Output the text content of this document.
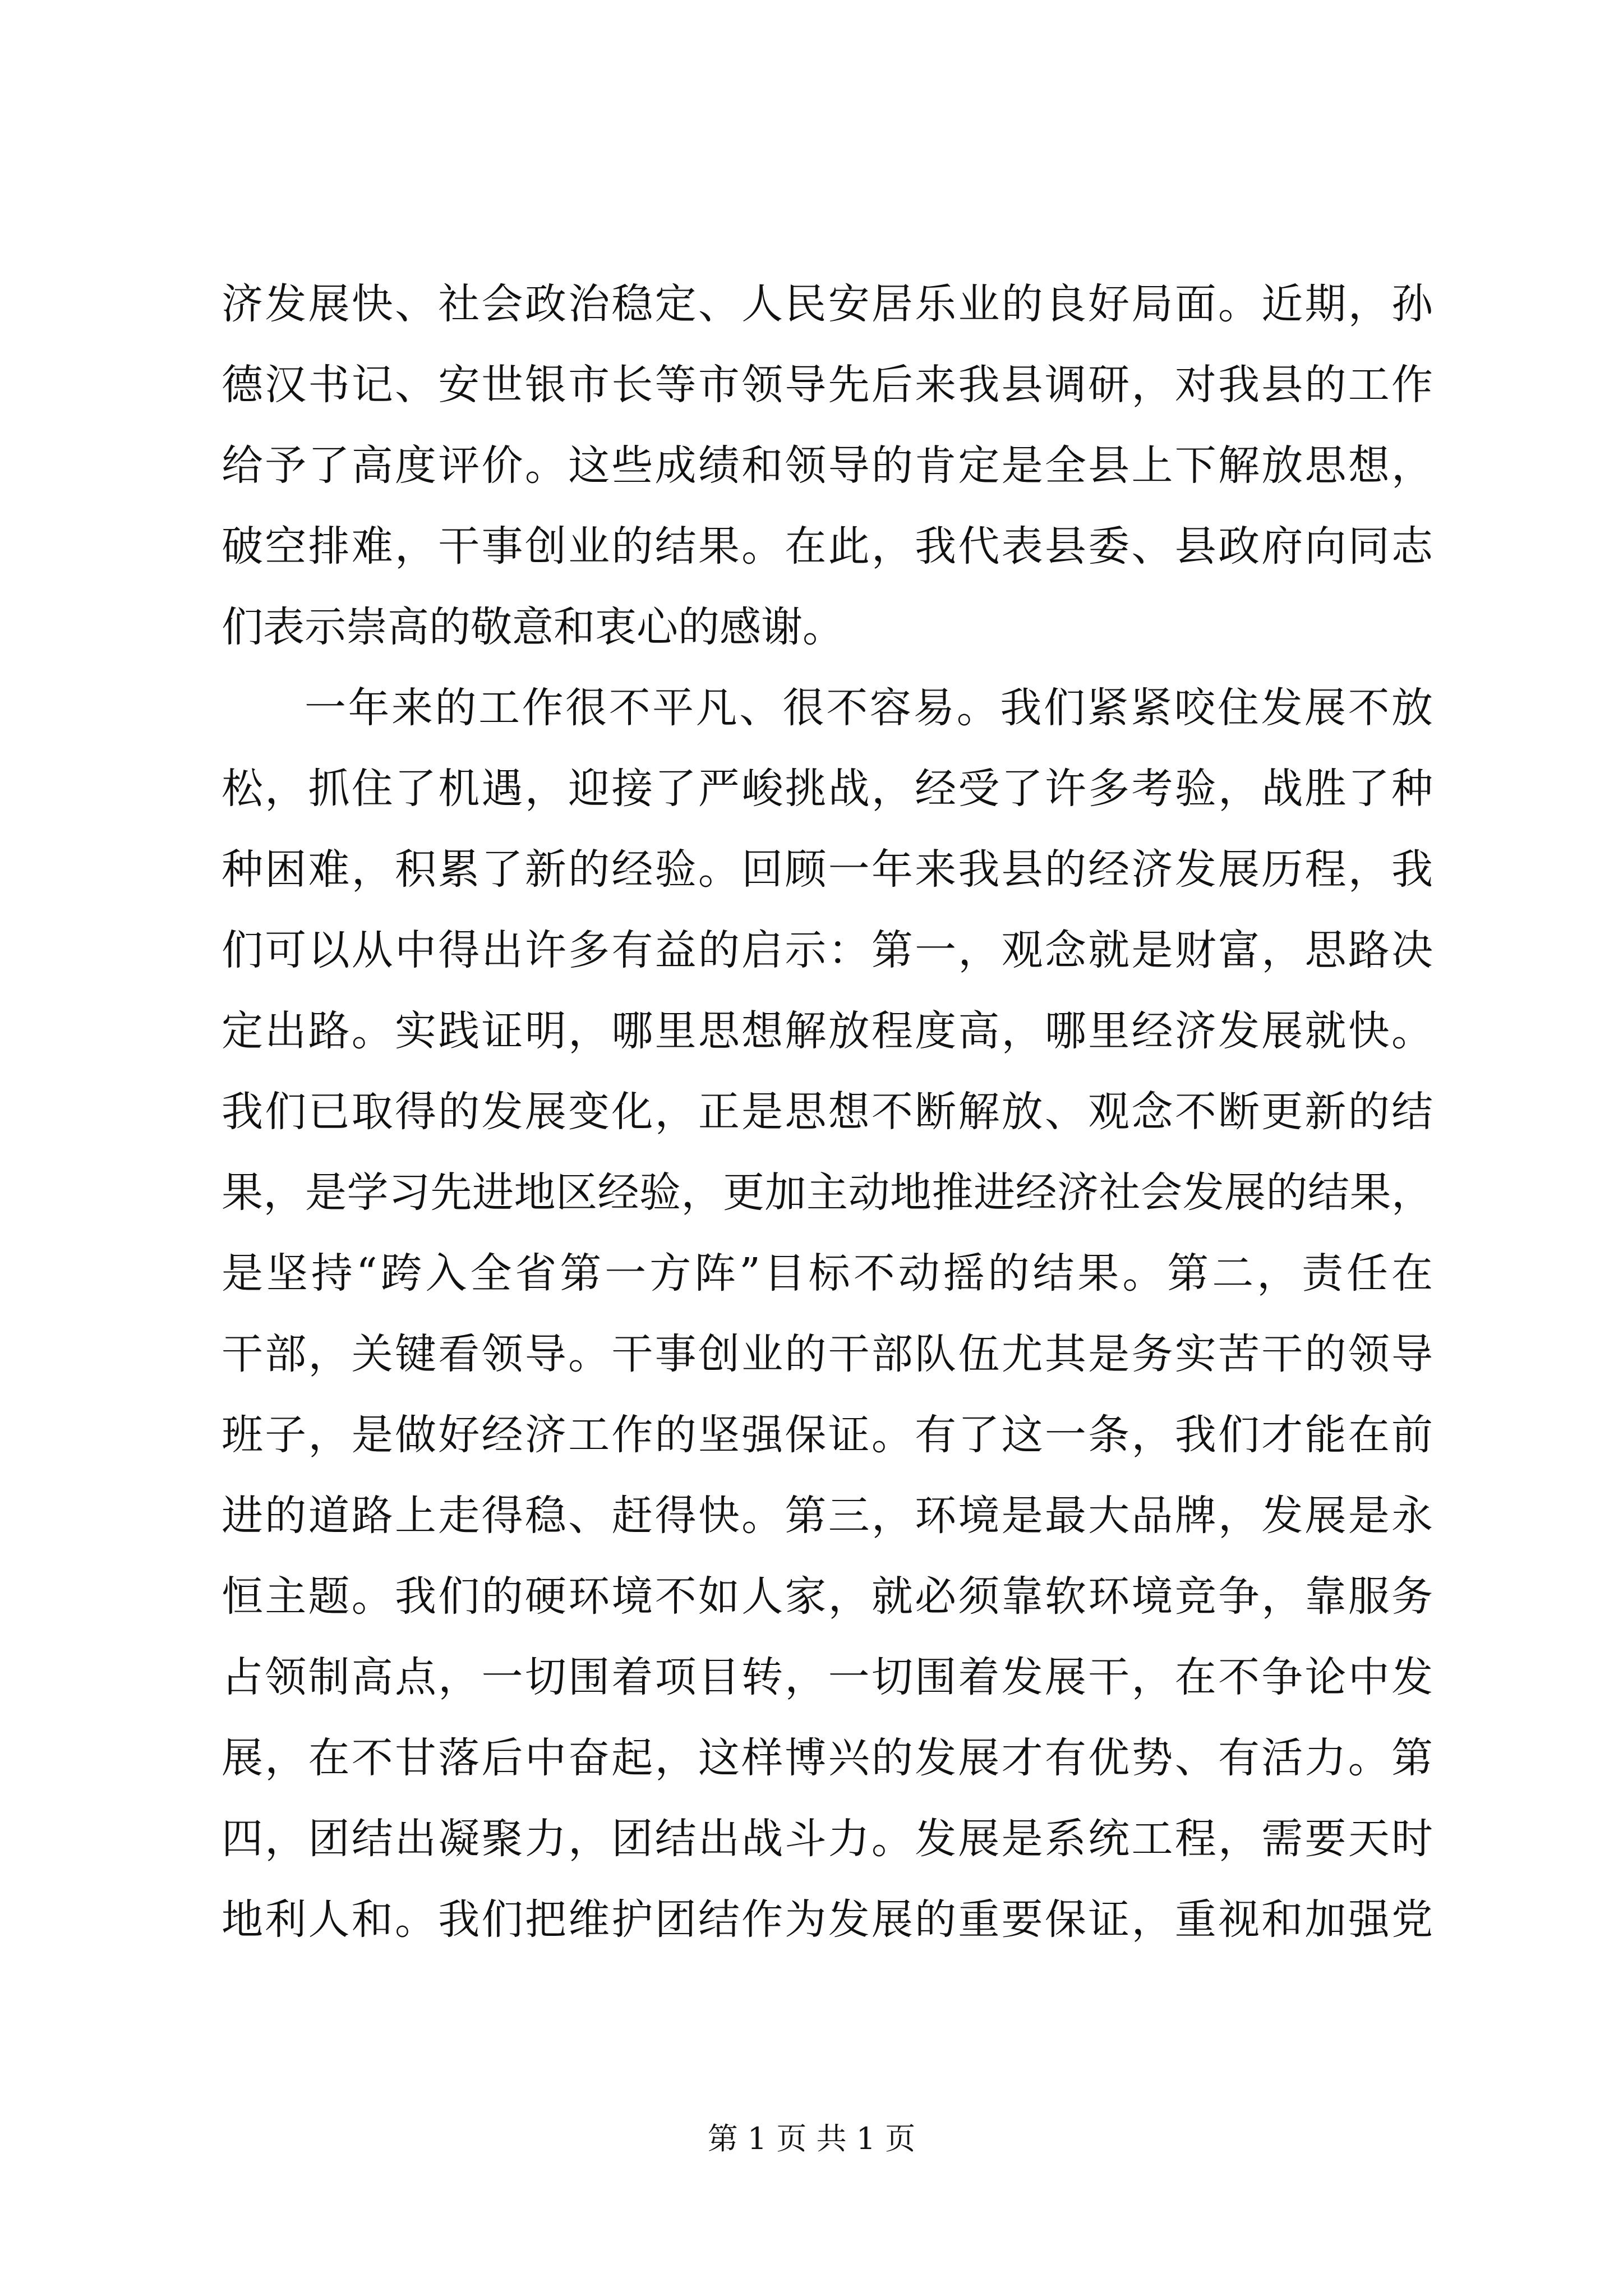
济发展快、社会政治稳定、人民安居乐业的良好局面。近期，孙
德汉书记、安世银市长等市领导先后来我县调研，对我县的工作
给予了高度评价。这些成绩和领导的肯定是全县上下解放思想，
破空排难，干事创业的结果。在此，我代表县委、县政府向同志
们表示崇高的敬意和衷心的感谢。
一年来的工作很不平凡、很不容易。我们紧紧咬住发展不放
松，抓住了机遇，迎接了严峻挑战，经受了许多考验，战胜了种
种困难，积累了新的经验。回顾一年来我县的经济发展历程，我
们可以从中得出许多有益的启示：第一，观念就是财富，思路决
定出路。实践证明，哪里思想解放程度高，哪里经济发展就快。
我们已取得的发展变化，正是思想不断解放、观念不断更新的结
果，是学习先进地区经验，更加主动地推进经济社会发展的结果，
是坚持“跨入全省第一方阵”目标不动摇的结果。第二，责任在
干部，关键看领导。干事创业的干部队伍尤其是务实苦干的领导
班子，是做好经济工作的坚强保证。有了这一条，我们才能在前
进的道路上走得稳、赶得快。第三，环境是最大品牌，发展是永
恒主题。我们的硬环境不如人家，就必须靠软环境竞争，靠服务
占领制高点，一切围着项目转，一切围着发展干，在不争论中发
展，在不甘落后中奋起，这样博兴的发展才有优势、有活力。第
四，团结出凝聚力，团结出战斗力。发展是系统工程，需要天时
地利人和。我们把维护团结作为发展的重要保证，重视和加强党
第 1 页 共 1 页
